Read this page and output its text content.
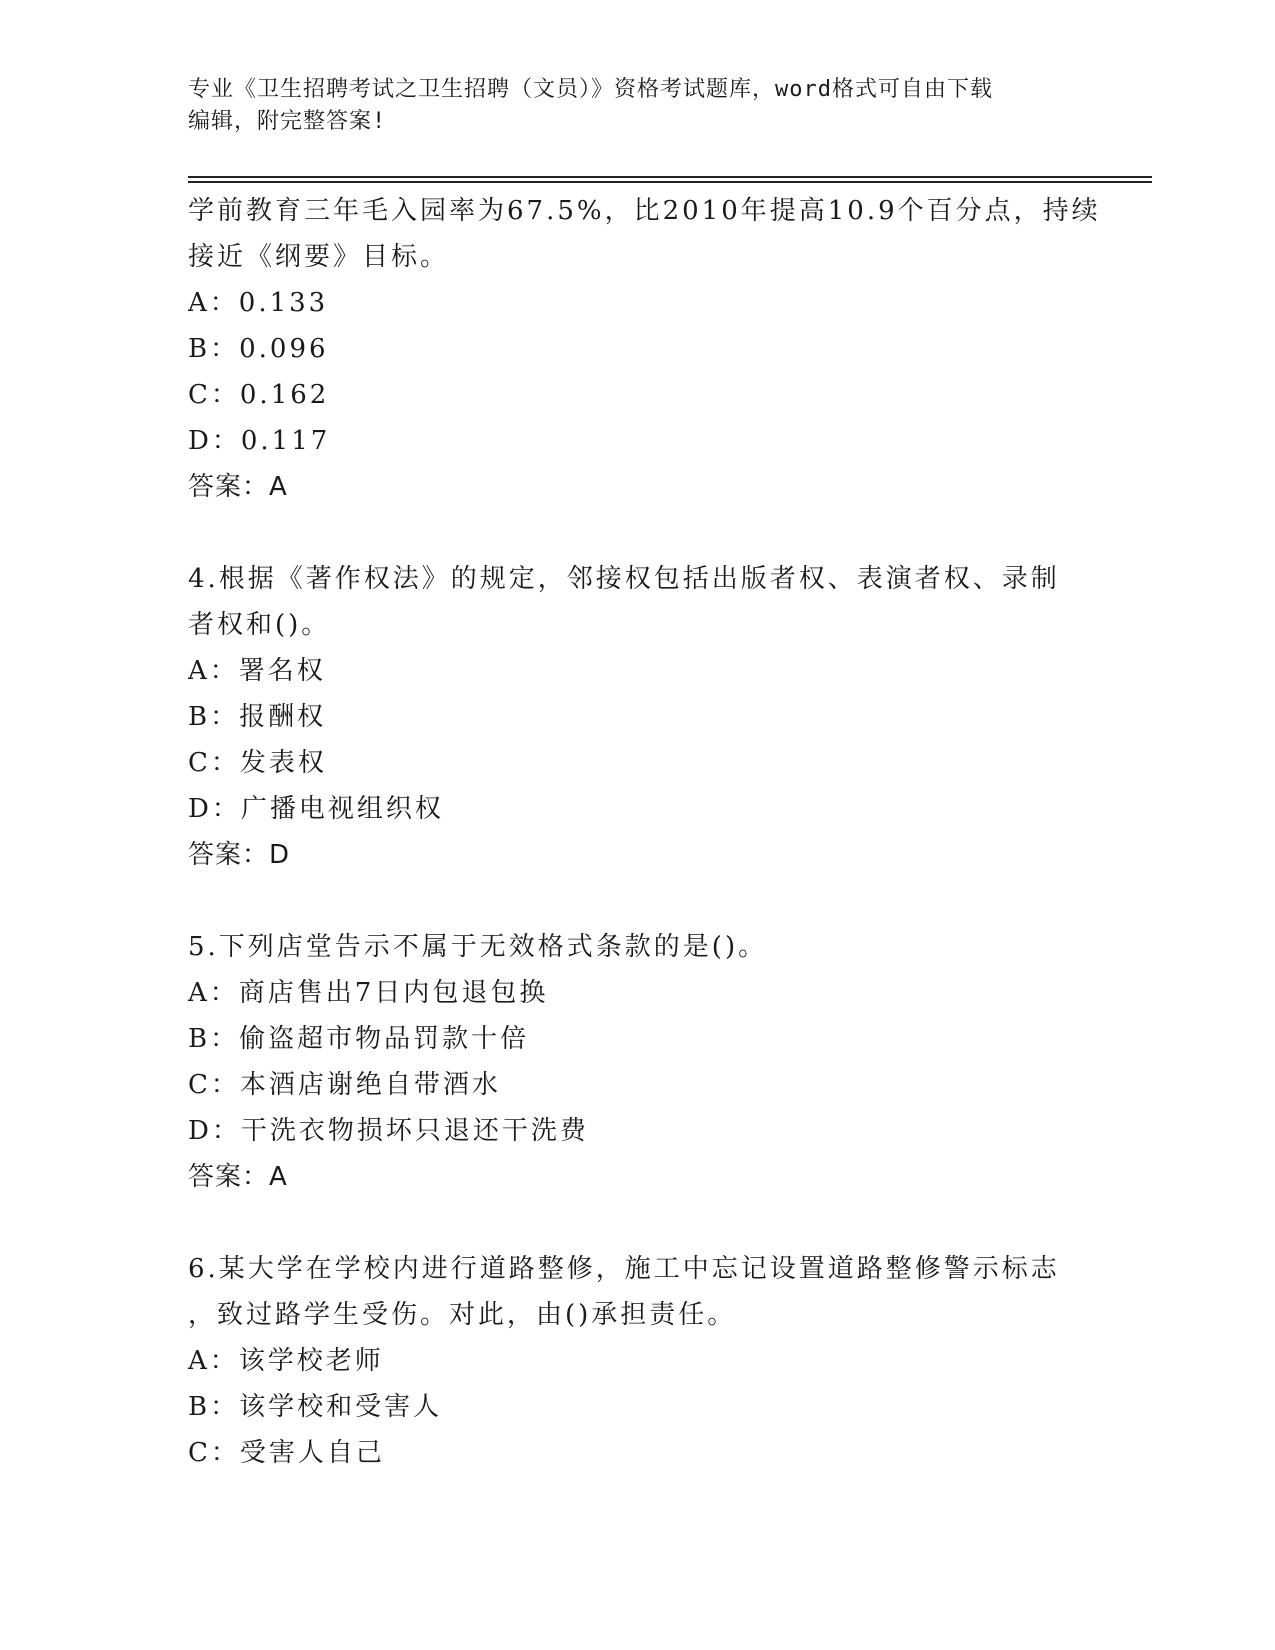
专业《卫生招聘考试之卫生招聘（文员）》资格考试题库，word格式可自由下载
编辑，附完整答案!
学前教育三年毛入园率为67.5%，比2010年提高10.9个百分点，持续
接近《纲要》目标。
A：0.133
B：0.096
C：0.162
D：0.117
答案：A
4.根据《著作权法》的规定，邻接权包括出版者权、表演者权、录制
者权和()。
A：署名权
B：报酬权
C：发表权
D：广播电视组织权
答案：D
5.下列店堂告示不属于无效格式条款的是()。
A：商店售出7日内包退包换
B：偷盗超市物品罚款十倍
C：本酒店谢绝自带酒水
D：干洗衣物损坏只退还干洗费
答案：A
6.某大学在学校内进行道路整修，施工中忘记设置道路整修警示标志
，致过路学生受伤。对此，由()承担责任。
A：该学校老师
B：该学校和受害人
C：受害人自己
